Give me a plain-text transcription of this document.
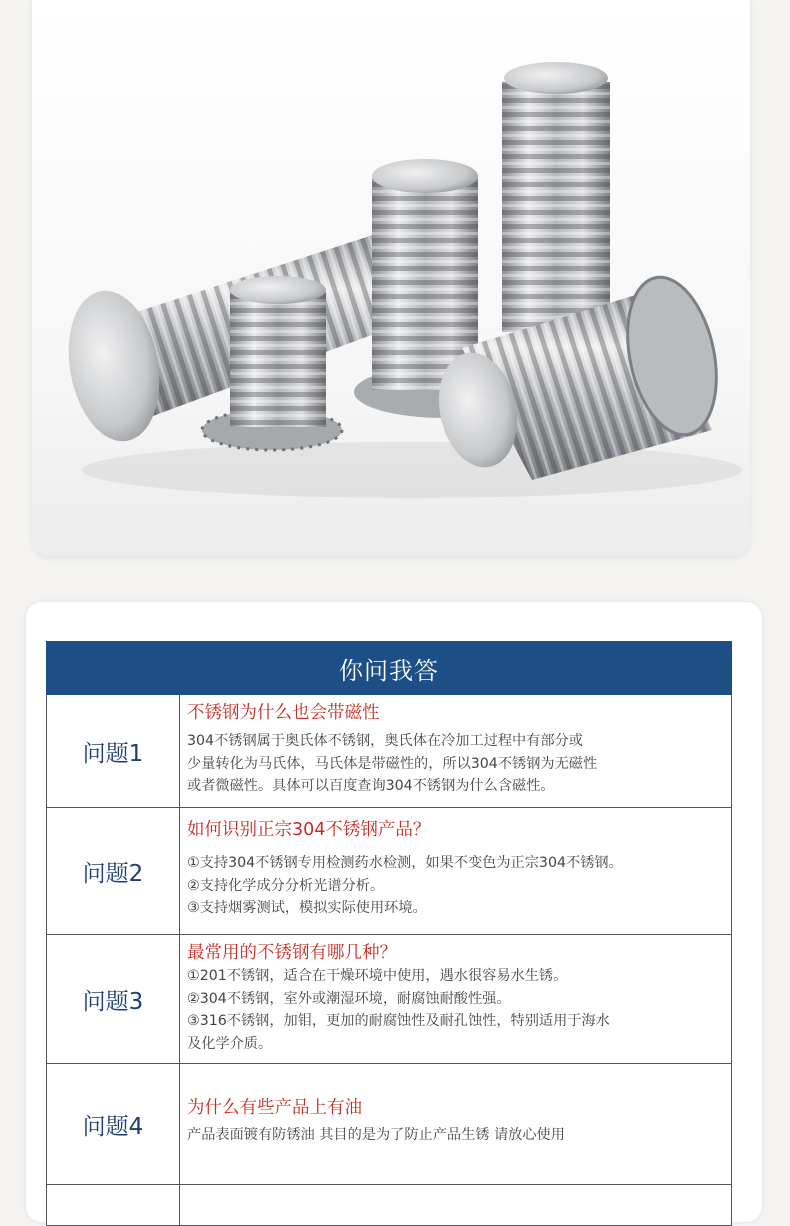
你问我答
问题1
不锈钢为什么也会带磁性
304不锈钢属于奥氏体不锈钢，奥氏体在冷加工过程中有部分或
少量转化为马氏体，马氏体是带磁性的，所以304不锈钢为无磁性
或者微磁性。具体可以百度查询304不锈钢为什么含磁性。
问题2
如何识别正宗304不锈钢产品？
①支持304不锈钢专用检测药水检测，如果不变色为正宗304不锈钢。
②支持化学成分分析光谱分析。
③支持烟雾测试，模拟实际使用环境。
问题3
最常用的不锈钢有哪几种？
①201不锈钢，适合在干燥环境中使用，遇水很容易水生锈。
②304不锈钢，室外或潮湿环境，耐腐蚀耐酸性强。
③316不锈钢，加钼，更加的耐腐蚀性及耐孔蚀性，特别适用于海水
及化学介质。
问题4
为什么有些产品上有油
产品表面镀有防锈油 其目的是为了防止产品生锈 请放心使用
